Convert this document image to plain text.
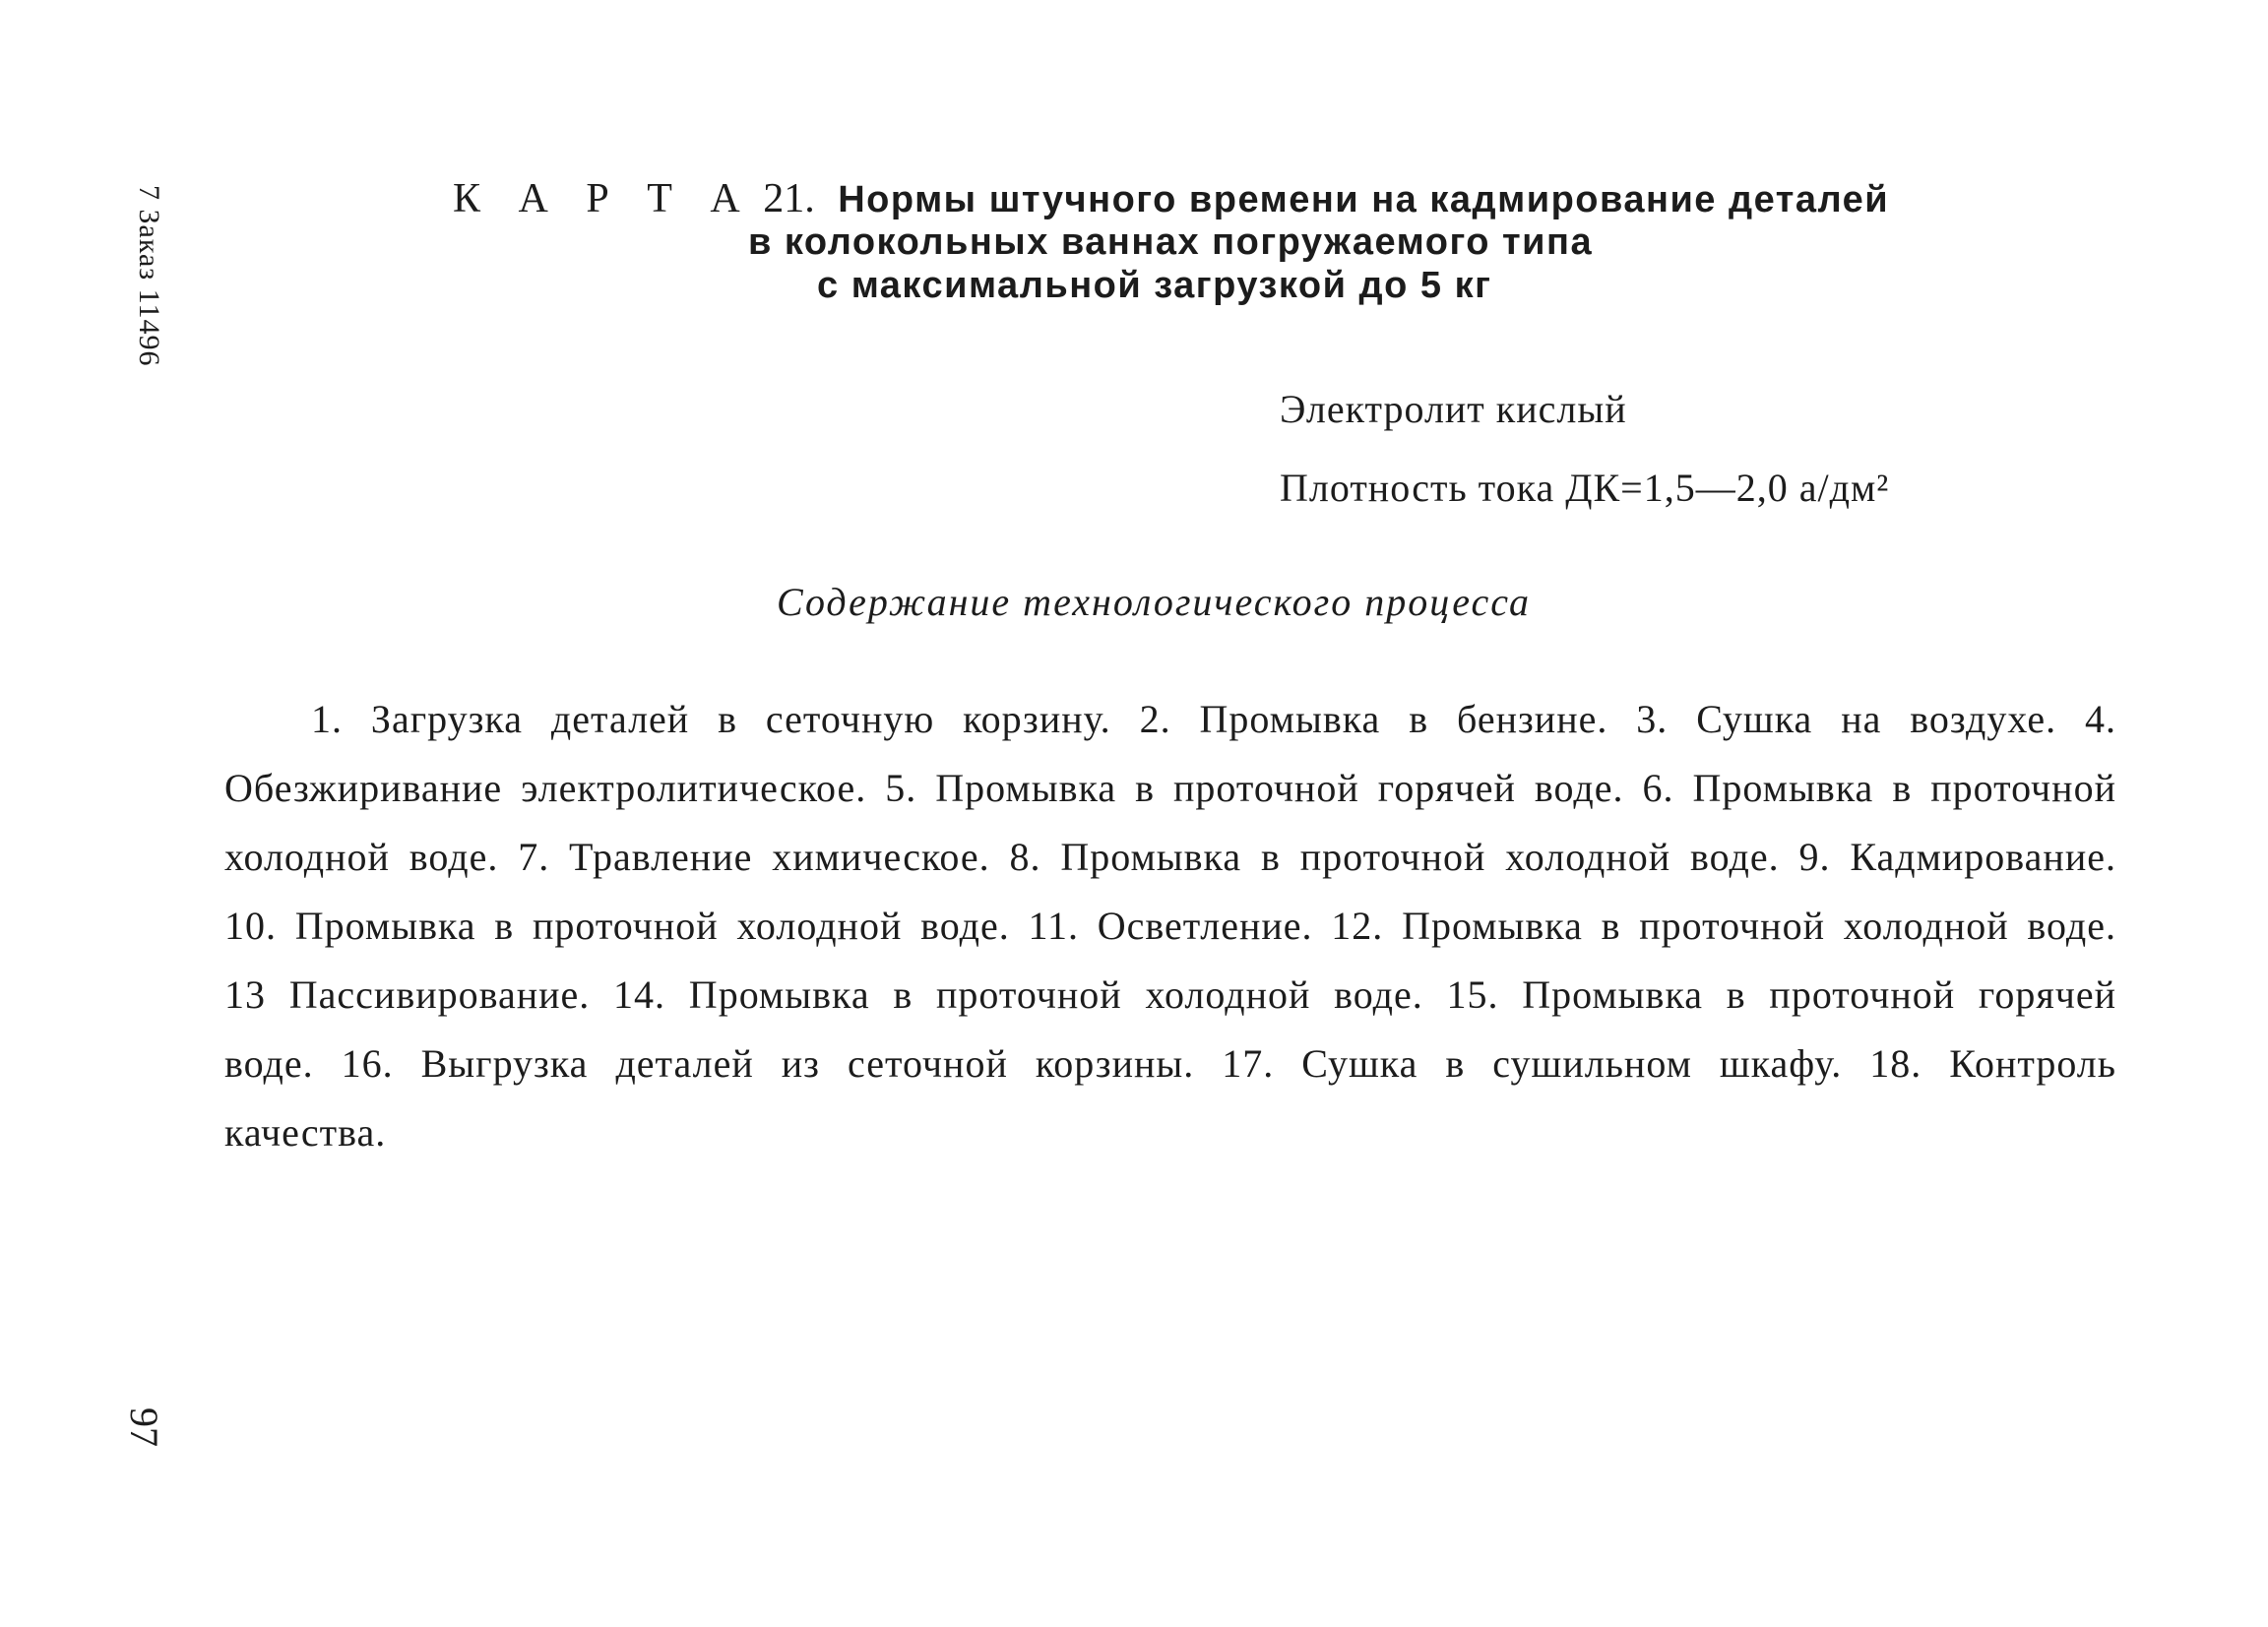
7 Заказ 11496
97
К А Р Т А 21. Нормы штучного времени на кадмирование деталей
в колокольных ваннах погружаемого типа
с максимальной загрузкой до 5 кг
Электролит кислый
Плотность тока ДК=1,5—2,0 а/дм²
Содержание технологического процесса
1. Загрузка деталей в сеточную корзину. 2. Промывка в бензине. 3. Сушка на воздухе. 4. Обезжиривание электролитическое. 5. Промывка в проточной горячей воде. 6. Промывка в проточной холодной воде. 7. Травление химическое. 8. Промывка в проточной холодной воде. 9. Кадмирование. 10. Промывка в проточной холодной воде. 11. Осветление. 12. Промывка в проточной холодной воде. 13 Пассивирование. 14. Промывка в проточной холодной воде. 15. Промывка в проточной горячей воде. 16. Выгрузка деталей из сеточной корзины. 17. Сушка в сушильном шкафу. 18. Контроль качества.
